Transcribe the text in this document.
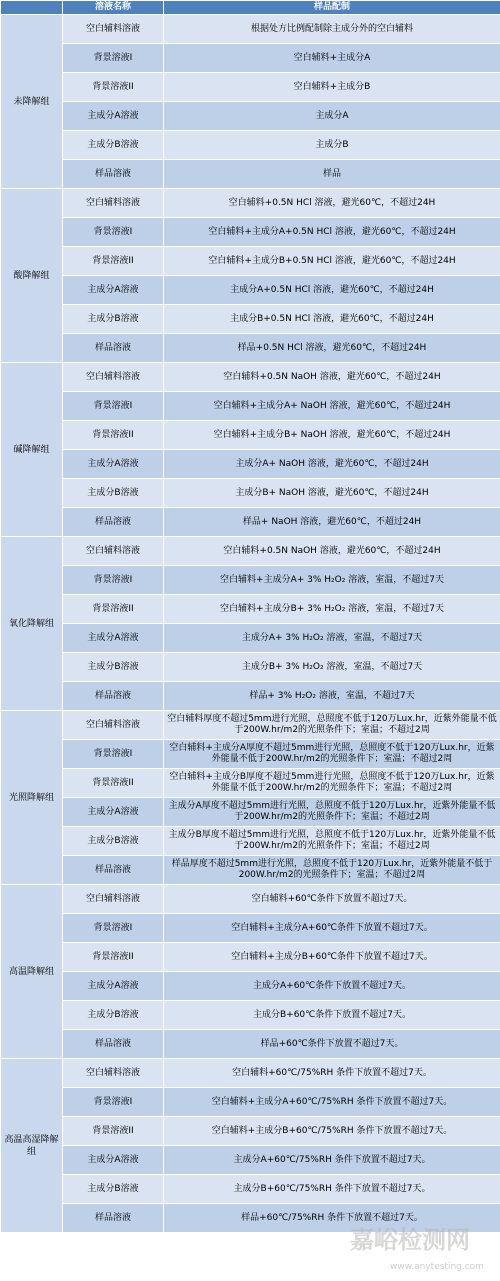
	溶液名称	样品配制
未降解组	空白辅料溶液	根据处方比例配制除主成分外的空白辅料
	背景溶液I	空白辅料+主成分A
	背景溶液II	空白辅料+主成分B
	主成分A溶液	主成分A
	主成分B溶液	主成分B
	样品溶液	样品
酸降解组	空白辅料溶液	空白辅料+0.5N HCl 溶液，避光60℃，不超过24H
	背景溶液I	空白辅料+主成分A+0.5N HCl 溶液，避光60℃，不超过24H
	背景溶液II	空白辅料+主成分B+0.5N HCl 溶液，避光60℃，不超过24H
	主成分A溶液	主成分A+0.5N HCl 溶液，避光60℃，不超过24H
	主成分B溶液	主成分B+0.5N HCl 溶液，避光60℃，不超过24H
	样品溶液	样品+0.5N HCl 溶液，避光60℃，不超过24H
碱降解组	空白辅料溶液	空白辅料+0.5N NaOH 溶液，避光60℃，不超过24H
	背景溶液I	空白辅料+主成分A+ NaOH 溶液，避光60℃，不超过24H
	背景溶液II	空白辅料+主成分B+ NaOH 溶液，避光60℃，不超过24H
	主成分A溶液	主成分A+ NaOH 溶液，避光60℃，不超过24H
	主成分B溶液	主成分B+ NaOH 溶液，避光60℃，不超过24H
	样品溶液	样品+ NaOH 溶液，避光60℃，不超过24H
氧化降解组	空白辅料溶液	空白辅料+0.5N NaOH 溶液，避光60℃，不超过24H
	背景溶液I	空白辅料+主成分A+ 3% H₂O₂ 溶液，室温，不超过7天
	背景溶液II	空白辅料+主成分B+ 3% H₂O₂ 溶液，室温，不超过7天
	主成分A溶液	主成分A+ 3% H₂O₂ 溶液，室温，不超过7天
	主成分B溶液	主成分B+ 3% H₂O₂ 溶液，室温，不超过7天
	样品溶液	样品+ 3% H₂O₂ 溶液，室温，不超过7天
光照降解组	空白辅料溶液	空白辅料厚度不超过5mm进行光照，总照度不低于120万Lux.hr，近紫外能量不低于200W.hr/m2的光照条件下；室温；不超过2周
	背景溶液I	空白辅料+主成分A厚度不超过5mm进行光照，总照度不低于120万Lux.hr，近紫外能量不低于200W.hr/m2的光照条件下；室温；不超过2周
	背景溶液II	空白辅料+主成分B厚度不超过5mm进行光照，总照度不低于120万Lux.hr，近紫外能量不低于200W.hr/m2的光照条件下；室温；不超过2周
	主成分A溶液	主成分A厚度不超过5mm进行光照，总照度不低于120万Lux.hr，近紫外能量不低于200W.hr/m2的光照条件下；室温；不超过2周
	主成分B溶液	主成分B厚度不超过5mm进行光照，总照度不低于120万Lux.hr，近紫外能量不低于200W.hr/m2的光照条件下；室温；不超过2周
	样品溶液	样品厚度不超过5mm进行光照，总照度不低于120万Lux.hr，近紫外能量不低于200W.hr/m2的光照条件下；室温；不超过2周
高温降解组	空白辅料溶液	空白辅料+60℃条件下放置不超过7天。
	背景溶液I	空白辅料+主成分A+60℃条件下放置不超过7天。
	背景溶液II	空白辅料+主成分B+60℃条件下放置不超过7天。
	主成分A溶液	主成分A+60℃条件下放置不超过7天。
	主成分B溶液	主成分B+60℃条件下放置不超过7天。
	样品溶液	样品+60℃条件下放置不超过7天。
高温高湿降解组	空白辅料溶液	空白辅料+60℃/75%RH 条件下放置不超过7天。
	背景溶液I	空白辅料+主成分A+60℃/75%RH 条件下放置不超过7天。
	背景溶液II	空白辅料+主成分B+60℃/75%RH 条件下放置不超过7天。
	主成分A溶液	主成分A+60℃/75%RH 条件下放置不超过7天。
	主成分B溶液	主成分B+60℃/75%RH 条件下放置不超过7天。
	样品溶液	样品+60℃/75%RH 条件下放置不超过7天。
嘉峪检测网
www.anytesting.com
